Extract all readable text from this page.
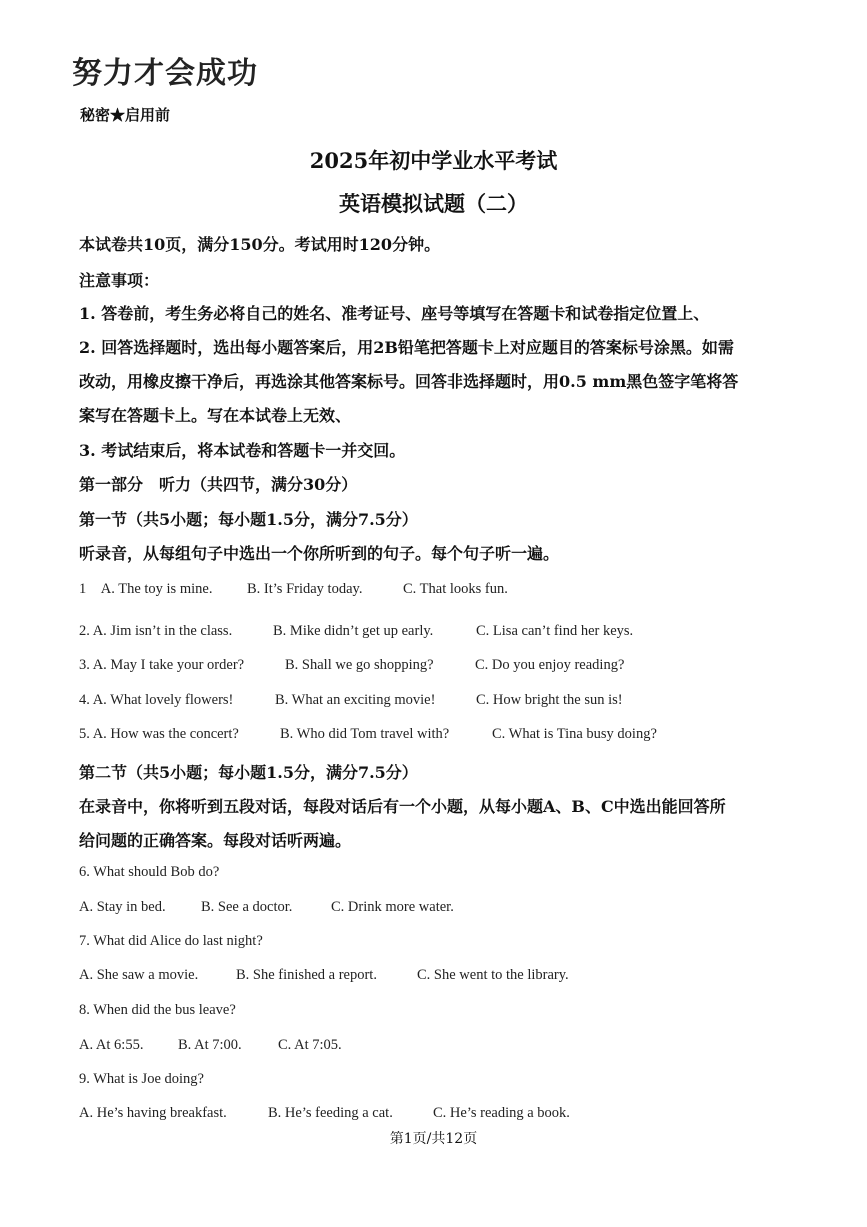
努力才会成功
秘密★启用前
2025年初中学业水平考试
英语模拟试题（二）
本试卷共10页，满分150分。考试用时120分钟。
注意事项：
1. 答卷前，考生务必将自己的姓名、准考证号、座号等填写在答题卡和试卷指定位置上、
2. 回答选择题时，选出每小题答案后，用2B铅笔把答题卡上对应题目的答案标号涂黑。如需
改动，用橡皮擦干净后，再选涂其他答案标号。回答非选择题时，用0.5 mm黑色签字笔将答
案写在答题卡上。写在本试卷上无效、
3. 考试结束后，将本试卷和答题卡一并交回。
第一部分　听力（共四节，满分30分）
第一节（共5小题；每小题1.5分，满分7.5分）
听录音，从每组句子中选出一个你所听到的句子。每个句子听一遍。
1　A. The toy is mine. B. It’s Friday today.	C. That looks fun.
2. A. Jim isn’t in the class.	B. Mike didn’t get up early.	C. Lisa can’t find her keys.
3. A. May I take your order?	B. Shall we go shopping?	C. Do you enjoy reading?
4. A. What lovely flowers!	B. What an exciting movie!	C. How bright the sun is!
5. A. How was the concert?	B. Who did Tom travel with?	C. What is Tina busy doing?
第二节（共5小题；每小题1.5分，满分7.5分）
在录音中，你将听到五段对话，每段对话后有一个小题，从每小题A、B、C中选出能回答所
给问题的正确答案。每段对话听两遍。
6. What should Bob do?
A. Stay in bed. B. See a doctor.	C. Drink more water.
7. What did Alice do last night?
A. She saw a movie.	B. She finished a report.	C. She went to the library.
8. When did the bus leave?
A. At 6:55. B. At 7:00.	C. At 7:05.
9. What is Joe doing?
A. He’s having breakfast.	B. He’s feeding a cat.	C. He’s reading a book.
第1页/共12页
